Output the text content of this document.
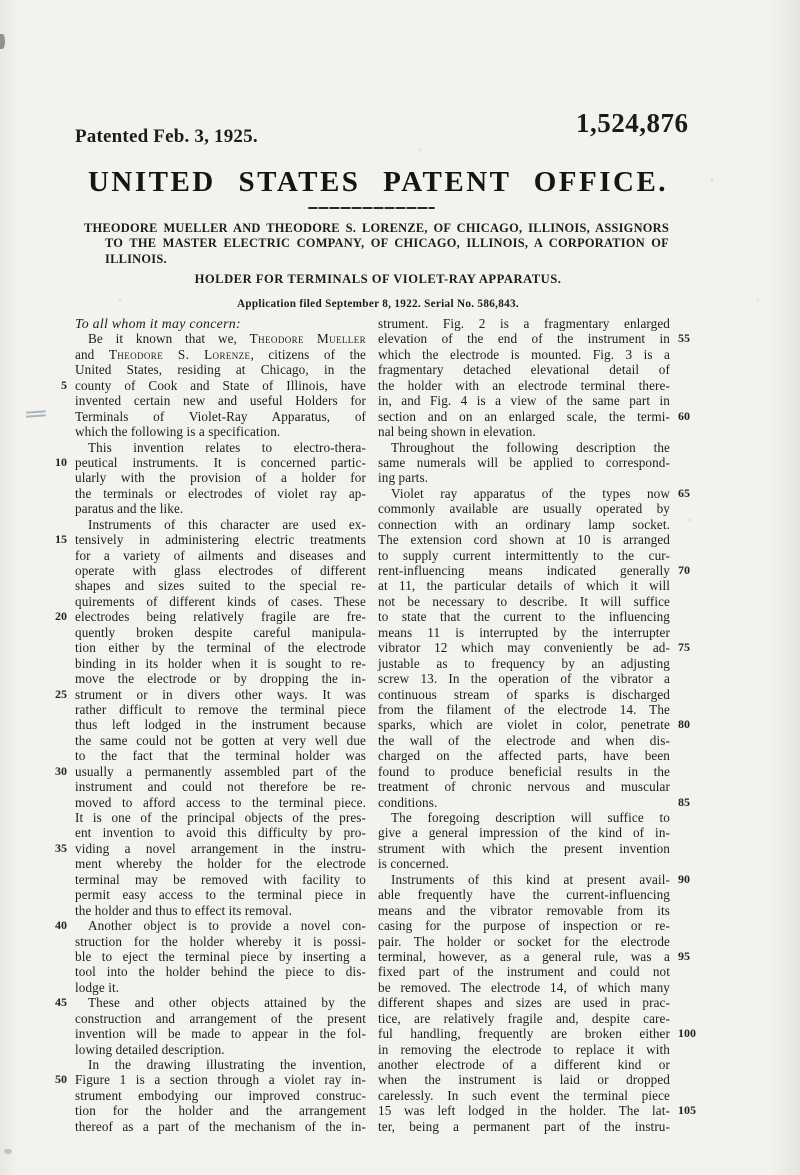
Patented Feb. 3, 1925.	1,524,876
UNITED STATES PATENT OFFICE.
THEODORE MUELLER AND THEODORE S. LORENZE, OF CHICAGO, ILLINOIS, ASSIGNORS
TO THE MASTER ELECTRIC COMPANY, OF CHICAGO, ILLINOIS, A CORPORATION OF
ILLINOIS.
HOLDER FOR TERMINALS OF VIOLET-RAY APPARATUS.
Application filed September 8, 1922. Serial No. 586,843.
To all whom it may concern:
Be it known that we, Theodore Mueller
and Theodore S. Lorenze, citizens of the
United States, residing at Chicago, in the
county of Cook and State of Illinois, have
5
invented certain new and useful Holders for
Terminals of Violet-Ray Apparatus, of
which the following is a specification.
This invention relates to electro-thera-
peutical instruments. It is concerned partic-
10
ularly with the provision of a holder for
the terminals or electrodes of violet ray ap-
paratus and the like.
Instruments of this character are used ex-
tensively in administering electric treatments
15
for a variety of ailments and diseases and
operate with glass electrodes of different
shapes and sizes suited to the special re-
quirements of different kinds of cases. These
electrodes being relatively fragile are fre-
20
quently broken despite careful manipula-
tion either by the terminal of the electrode
binding in its holder when it is sought to re-
move the electrode or by dropping the in-
strument or in divers other ways. It was
25
rather difficult to remove the terminal piece
thus left lodged in the instrument because
the same could not be gotten at very well due
to the fact that the terminal holder was
usually a permanently assembled part of the
30
instrument and could not therefore be re-
moved to afford access to the terminal piece.
It is one of the principal objects of the pres-
ent invention to avoid this difficulty by pro-
viding a novel arrangement in the instru-
35
ment whereby the holder for the electrode
terminal may be removed with facility to
permit easy access to the terminal piece in
the holder and thus to effect its removal.
Another object is to provide a novel con-
40
struction for the holder whereby it is possi-
ble to eject the terminal piece by inserting a
tool into the holder behind the piece to dis-
lodge it.
These and other objects attained by the
45
construction and arrangement of the present
invention will be made to appear in the fol-
lowing detailed description.
In the drawing illustrating the invention,
Figure 1 is a section through a violet ray in-
50
strument embodying our improved construc-
tion for the holder and the arrangement
thereof as a part of the mechanism of the in-
strument. Fig. 2 is a fragmentary enlarged
elevation of the end of the instrument in 55
which the electrode is mounted. Fig. 3 is a
fragmentary detached elevational detail of
the holder with an electrode terminal there-
in, and Fig. 4 is a view of the same part in
section and on an enlarged scale, the termi- 60
nal being shown in elevation.
Throughout the following description the
same numerals will be applied to correspond-
ing parts.
Violet ray apparatus of the types now 65
commonly available are usually operated by
connection with an ordinary lamp socket.
The extension cord shown at 10 is arranged
to supply current intermittently to the cur-
rent-influencing means indicated generally 70
at 11, the particular details of which it will
not be necessary to describe. It will suffice
to state that the current to the influencing
means 11 is interrupted by the interrupter
vibrator 12 which may conveniently be ad- 75
justable as to frequency by an adjusting
screw 13. In the operation of the vibrator a
continuous stream of sparks is discharged
from the filament of the electrode 14. The
sparks, which are violet in color, penetrate 80
the wall of the electrode and when dis-
charged on the affected parts, have been
found to produce beneficial results in the
treatment of chronic nervous and muscular
conditions.	85
The foregoing description will suffice to
give a general impression of the kind of in-
strument with which the present invention
is concerned.
Instruments of this kind at present avail- 90
able frequently have the current-influencing
means and the vibrator removable from its
casing for the purpose of inspection or re-
pair. The holder or socket for the electrode
terminal, however, as a general rule, was a 95
fixed part of the instrument and could not
be removed. The electrode 14, of which many
different shapes and sizes are used in prac-
tice, are relatively fragile and, despite care-
ful handling, frequently are broken either 100
in removing the electrode to replace it with
another electrode of a different kind or
when the instrument is laid or dropped
carelessly. In such event the terminal piece
15 was left lodged in the holder. The lat- 105
ter, being a permanent part of the instru-
